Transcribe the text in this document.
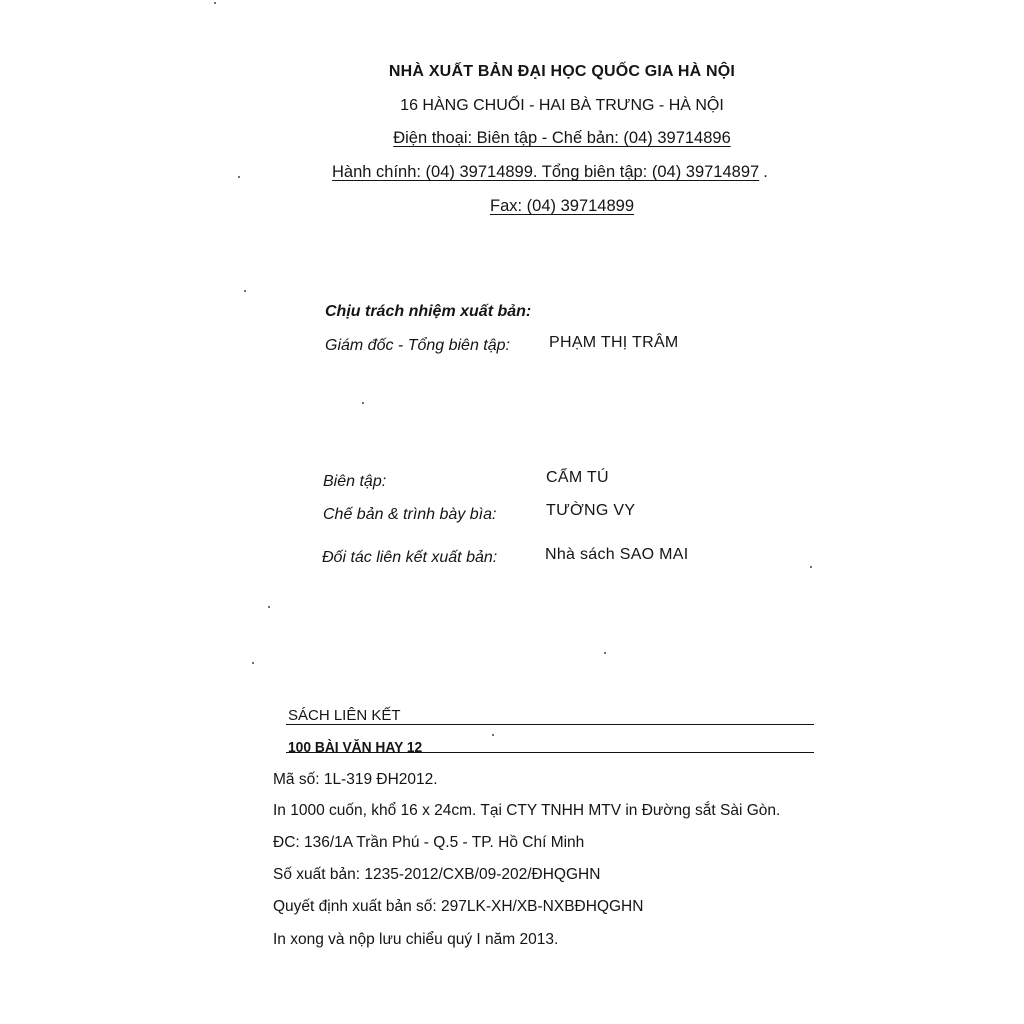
NHÀ XUẤT BẢN ĐẠI HỌC QUỐC GIA HÀ NỘI
16 HÀNG CHUỐI - HAI BÀ TRƯNG - HÀ NỘI
Điện thoại: Biên tập - Chế bản: (04) 39714896
Hành chính: (04) 39714899. Tổng biên tập: (04) 39714897 .
Fax: (04) 39714899
Chịu trách nhiệm xuất bản:
Giám đốc - Tổng biên tập: PHẠM THỊ TRÂM
Biên tập:	CẨM TÚ
Chế bản & trình bày bìa:	TƯỜNG VY
Đối tác liên kết xuất bản:	Nhà sách SAO MAI
SÁCH LIÊN KẾT
100 BÀI VĂN HAY 12
Mã số: 1L-319 ĐH2012.
In 1000 cuốn, khổ 16 x 24cm. Tại CTY TNHH MTV in Đường sắt Sài Gòn.
ĐC: 136/1A Trần Phú - Q.5 - TP. Hồ Chí Minh
Số xuất bản: 1235-2012/CXB/09-202/ĐHQGHN
Quyết định xuất bản số: 297LK-XH/XB-NXBĐHQGHN
In xong và nộp lưu chiểu quý I năm 2013.
